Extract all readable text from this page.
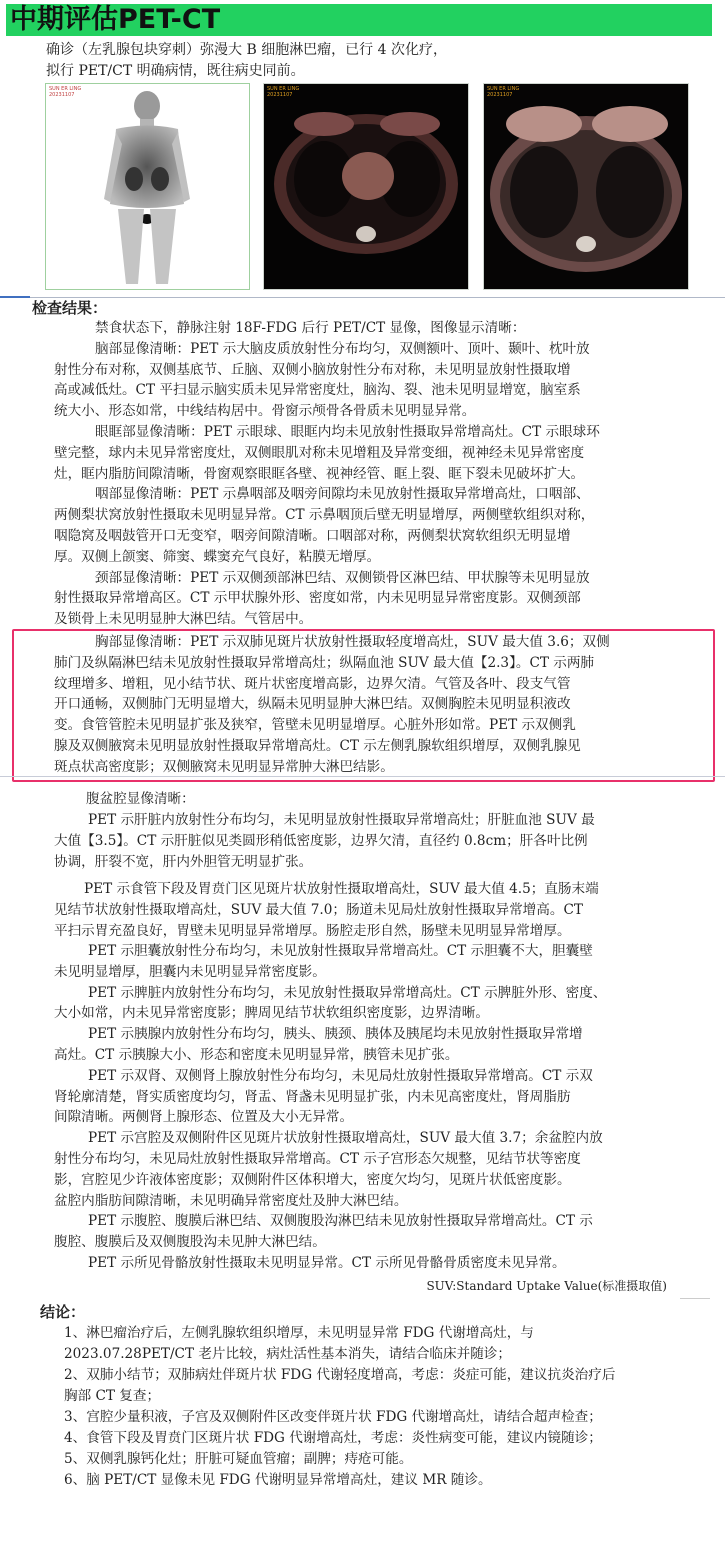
中期评估PET-CT
确诊（左乳腺包块穿刺）弥漫大 B 细胞淋巴瘤，已行 4 次化疗，
拟行 PET/CT 明确病情，既往病史同前。
SUN ER LING
20231107
SUN ER LING
20231107
SUN ER LING
20231107
检查结果：
禁食状态下，静脉注射 18F-FDG 后行 PET/CT 显像，图像显示清晰：
脑部显像清晰：PET 示大脑皮质放射性分布均匀，双侧额叶、顶叶、颞叶、枕叶放
射性分布对称，双侧基底节、丘脑、双侧小脑放射性分布对称，未见明显放射性摄取增
高或减低灶。CT 平扫显示脑实质未见异常密度灶，脑沟、裂、池未见明显增宽，脑室系
统大小、形态如常，中线结构居中。骨窗示颅骨各骨质未见明显异常。
眼眶部显像清晰：PET 示眼球、眼眶内均未见放射性摄取异常增高灶。CT 示眼球环
壁完整，球内未见异常密度灶，双侧眼肌对称未见增粗及异常变细，视神经未见异常密度
灶，眶内脂肪间隙清晰，骨窗观察眼眶各壁、视神经管、眶上裂、眶下裂未见破坏扩大。
咽部显像清晰：PET 示鼻咽部及咽旁间隙均未见放射性摄取异常增高灶，口咽部、
两侧梨状窝放射性摄取未见明显异常。CT 示鼻咽顶后壁无明显增厚，两侧壁软组织对称，
咽隐窝及咽鼓管开口无变窄，咽旁间隙清晰。口咽部对称，两侧梨状窝软组织无明显增
厚。双侧上颌窦、筛窦、蝶窦充气良好，粘膜无增厚。
颈部显像清晰：PET 示双侧颈部淋巴结、双侧锁骨区淋巴结、甲状腺等未见明显放
射性摄取异常增高区。CT 示甲状腺外形、密度如常，内未见明显异常密度影。双侧颈部
及锁骨上未见明显肿大淋巴结。气管居中。
胸部显像清晰：PET 示双肺见斑片状放射性摄取轻度增高灶，SUV 最大值 3.6；双侧
肺门及纵隔淋巴结未见放射性摄取异常增高灶；纵隔血池 SUV 最大值【2.3】。CT 示两肺
纹理增多、增粗，见小结节状、斑片状密度增高影，边界欠清。气管及各叶、段支气管
开口通畅，双侧肺门无明显增大，纵隔未见明显肿大淋巴结。双侧胸腔未见明显积液改
变。食管管腔未见明显扩张及狭窄，管壁未见明显增厚。心脏外形如常。PET 示双侧乳
腺及双侧腋窝未见明显放射性摄取异常增高灶。CT 示左侧乳腺软组织增厚，双侧乳腺见
斑点状高密度影；双侧腋窝未见明显异常肿大淋巴结影。
腹盆腔显像清晰：
PET 示肝脏内放射性分布均匀，未见明显放射性摄取异常增高灶；肝脏血池 SUV 最
大值【3.5】。CT 示肝脏似见类圆形稍低密度影，边界欠清，直径约 0.8cm；肝各叶比例
协调，肝裂不宽，肝内外胆管无明显扩张。
PET 示食管下段及胃贲门区见斑片状放射性摄取增高灶，SUV 最大值 4.5；直肠末端
见结节状放射性摄取增高灶，SUV 最大值 7.0；肠道未见局灶放射性摄取异常增高。CT
平扫示胃充盈良好，胃壁未见明显异常增厚。肠腔走形自然，肠壁未见明显异常增厚。
PET 示胆囊放射性分布均匀，未见放射性摄取异常增高灶。CT 示胆囊不大，胆囊壁
未见明显增厚，胆囊内未见明显异常密度影。
PET 示脾脏内放射性分布均匀，未见放射性摄取异常增高灶。CT 示脾脏外形、密度、
大小如常，内未见异常密度影；脾周见结节状软组织密度影，边界清晰。
PET 示胰腺内放射性分布均匀，胰头、胰颈、胰体及胰尾均未见放射性摄取异常增
高灶。CT 示胰腺大小、形态和密度未见明显异常，胰管未见扩张。
PET 示双肾、双侧肾上腺放射性分布均匀，未见局灶放射性摄取异常增高。CT 示双
肾轮廓清楚，肾实质密度均匀，肾盂、肾盏未见明显扩张，内未见高密度灶，肾周脂肪
间隙清晰。两侧肾上腺形态、位置及大小无异常。
PET 示宫腔及双侧附件区见斑片状放射性摄取增高灶，SUV 最大值 3.7；余盆腔内放
射性分布均匀，未见局灶放射性摄取异常增高。CT 示子宫形态欠规整，见结节状等密度
影，宫腔见少许液体密度影；双侧附件区体积增大，密度欠均匀，见斑片状低密度影。
盆腔内脂肪间隙清晰，未见明确异常密度灶及肿大淋巴结。
PET 示腹腔、腹膜后淋巴结、双侧腹股沟淋巴结未见放射性摄取异常增高灶。CT 示
腹腔、腹膜后及双侧腹股沟未见肿大淋巴结。
PET 示所见骨骼放射性摄取未见明显异常。CT 示所见骨骼骨质密度未见异常。
SUV:Standard Uptake Value(标准摄取值)
结论：
1、淋巴瘤治疗后，左侧乳腺软组织增厚，未见明显异常 FDG 代谢增高灶，与
2023.07.28PET/CT 老片比较，病灶活性基本消失，请结合临床并随诊；
2、双肺小结节；双肺病灶伴斑片状 FDG 代谢轻度增高，考虑：炎症可能，建议抗炎治疗后
胸部 CT 复查；
3、宫腔少量积液，子宫及双侧附件区改变伴斑片状 FDG 代谢增高灶，请结合超声检查；
4、食管下段及胃贲门区斑片状 FDG 代谢增高灶，考虑：炎性病变可能，建议内镜随诊；
5、双侧乳腺钙化灶；肝脏可疑血管瘤；副脾；痔疮可能。
6、脑 PET/CT 显像未见 FDG 代谢明显异常增高灶，建议 MR 随诊。
